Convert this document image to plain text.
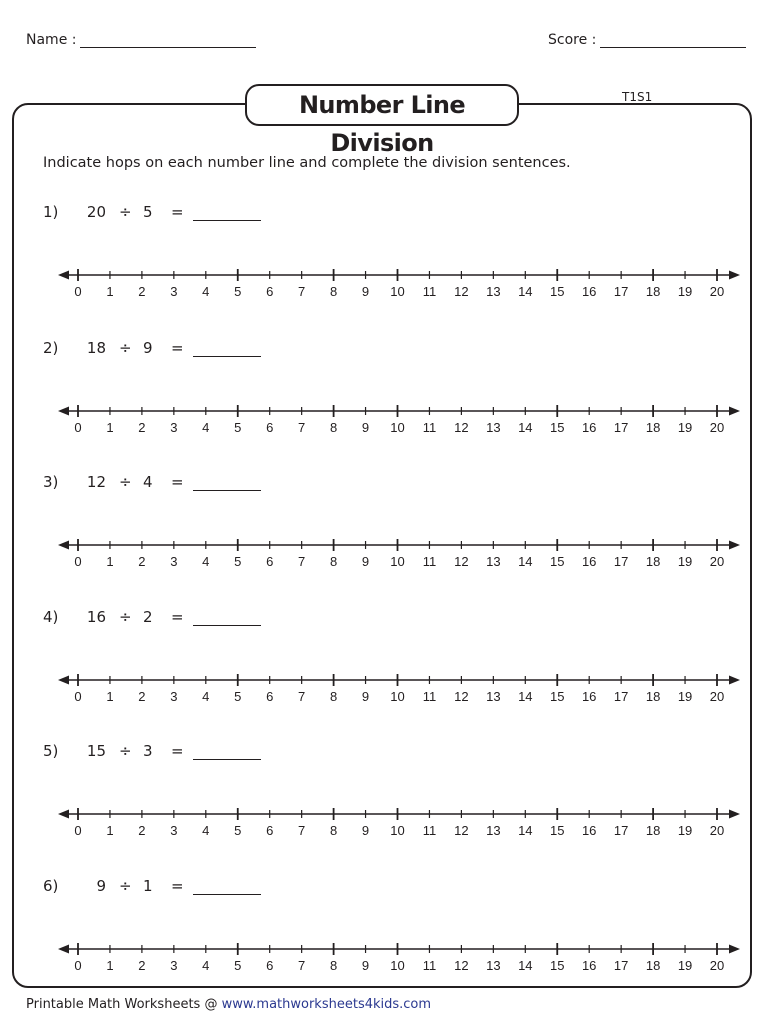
Name :	Score :
Number Line Division
T1S1
Indicate hops on each number line and complete the division sentences.
1)	20 ÷ 5 =
0 1 2 3 4 5 6 7 8 9 10 11 12 13 14 15 16 17 18 19 20
2)	18 ÷ 9 =
0 1 2 3 4 5 6 7 8 9 10 11 12 13 14 15 16 17 18 19 20
3)	12 ÷ 4 =
0 1 2 3 4 5 6 7 8 9 10 11 12 13 14 15 16 17 18 19 20
4)	16 ÷ 2 =
0 1 2 3 4 5 6 7 8 9 10 11 12 13 14 15 16 17 18 19 20
5)	15 ÷ 3 =
0 1 2 3 4 5 6 7 8 9 10 11 12 13 14 15 16 17 18 19 20
6)	9 ÷ 1 =
0 1 2 3 4 5 6 7 8 9 10 11 12 13 14 15 16 17 18 19 20
Printable Math Worksheets @ www.mathworksheets4kids.com
